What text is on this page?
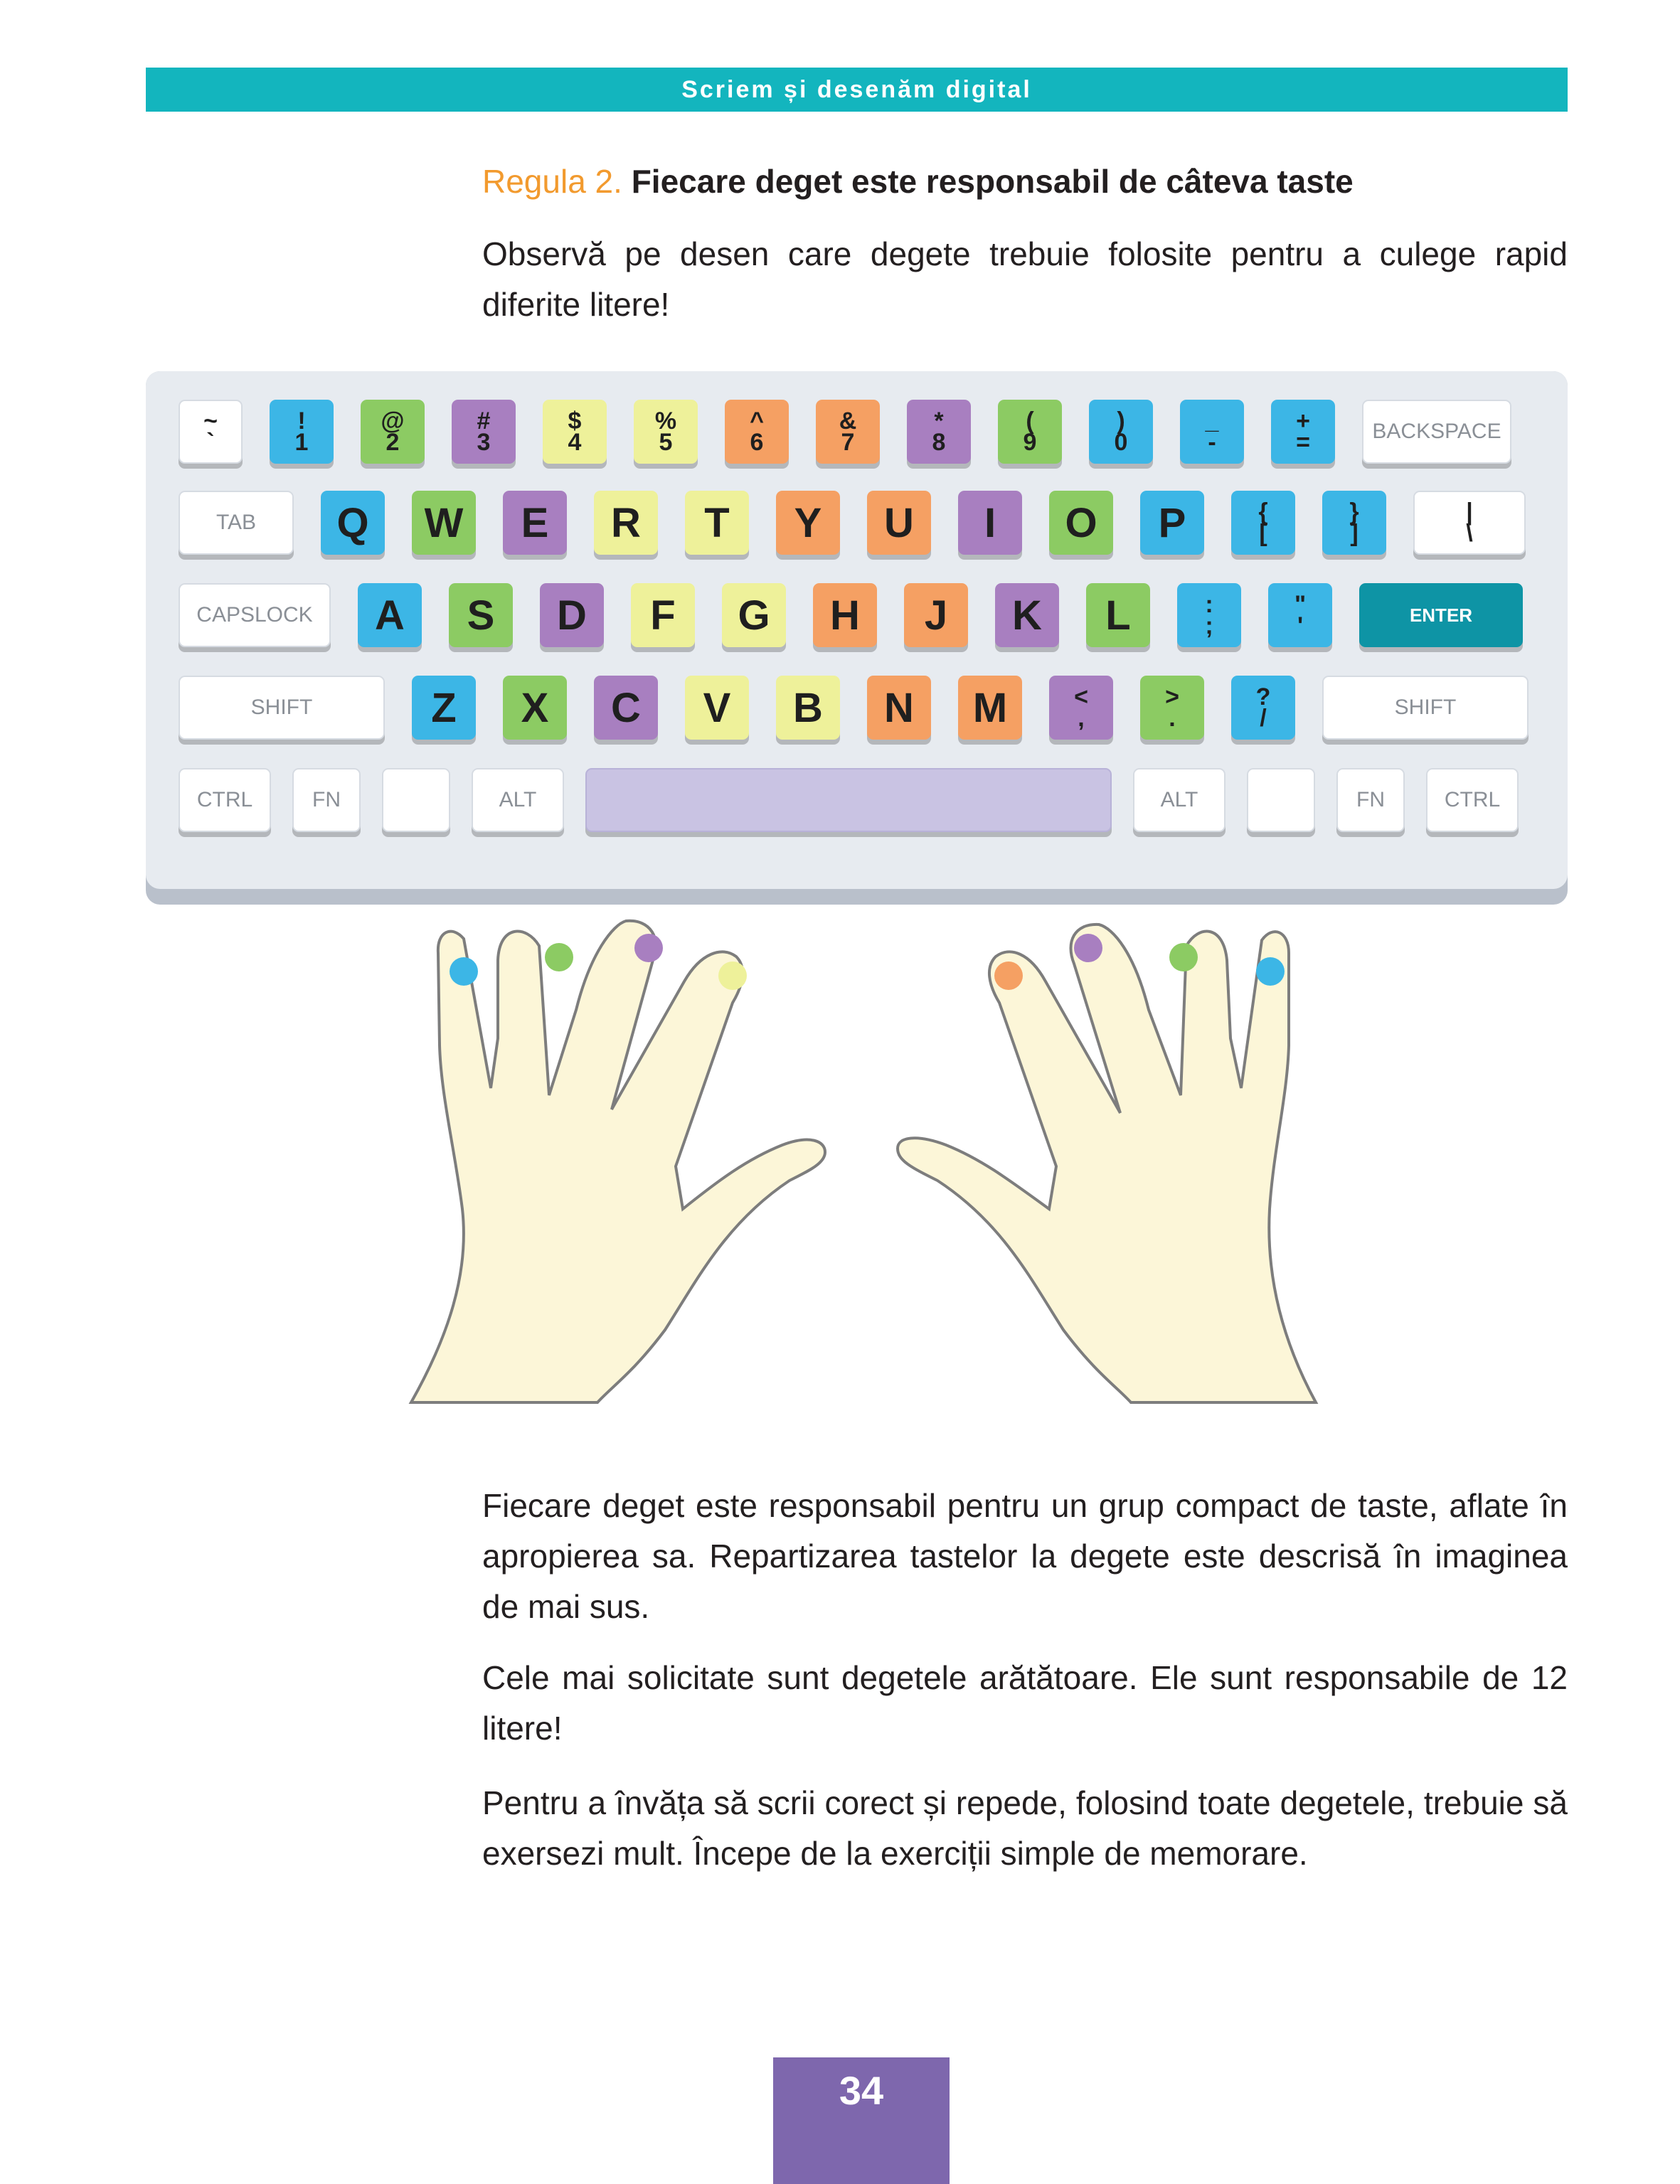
Scriem și desenăm digital
Regula 2. Fiecare deget este responsabil de câteva taste
Observă pe desen care degete trebuie folosite pentru a culege rapid diferite litere!
~
`
!
1
@
2
#
3
$
4
%
5
^
6
&
7
*
8
(
9
)
0
_
-
+
=	BACKSPACE
TAB	Q	W	E	R	T	Y	U	I	O	P	{
[
}
]
|
\
CAPSLOCK	A	S	D	F	G	H	J	K	L	:
;
"
'	ENTER
SHIFT	Z	X	C	V	B	N	M	<
,
>
.
?
/	SHIFT
CTRL	FN	ALT	ALT	FN	CTRL
Fiecare deget este responsabil pentru un grup compact de taste, aflate în apropierea sa. Repartizarea tastelor la degete este descrisă în imaginea de mai sus.
Cele mai solicitate sunt degetele arătătoare. Ele sunt responsabile de 12 litere!
Pentru a învăța să scrii corect și repede, folosind toate degetele, trebuie să exersezi mult. Începe de la exerciții simple de memorare.
34
